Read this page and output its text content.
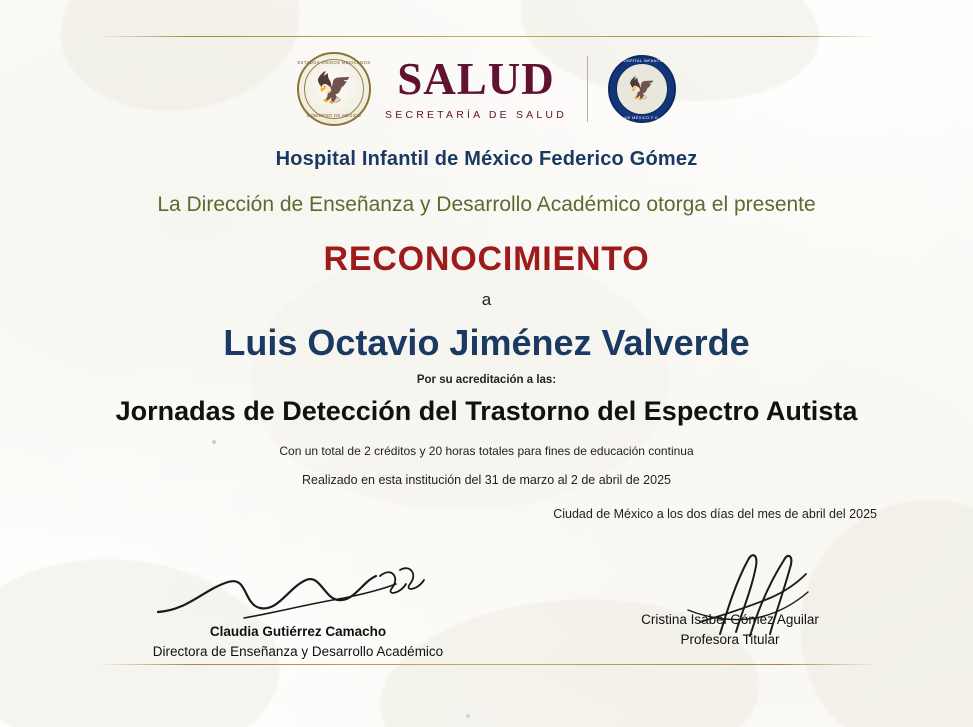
ESTADOS UNIDOS MEXICANOS
🦅
GOBIERNO DE MÉXICO
SALUD
SECRETARÍA DE SALUD
HOSPITAL INFANTIL
DE MÉXICO F.G.
🦅
Hospital Infantil de México Federico Gómez
La Dirección de Enseñanza y Desarrollo Académico otorga el presente
RECONOCIMIENTO
a
Luis Octavio Jiménez Valverde
Por su acreditación a las:
Jornadas de Detección del Trastorno del Espectro Autista
Con un total de 2 créditos y 20 horas totales para fines de educación continua
Realizado en esta institución del 31 de marzo al 2 de abril de 2025
Ciudad de México a los dos días del mes de abril del 2025
Claudia Gutiérrez Camacho
Directora de Enseñanza y Desarrollo Académico
Cristina Isabel Gómez Aguilar
Profesora Titular
